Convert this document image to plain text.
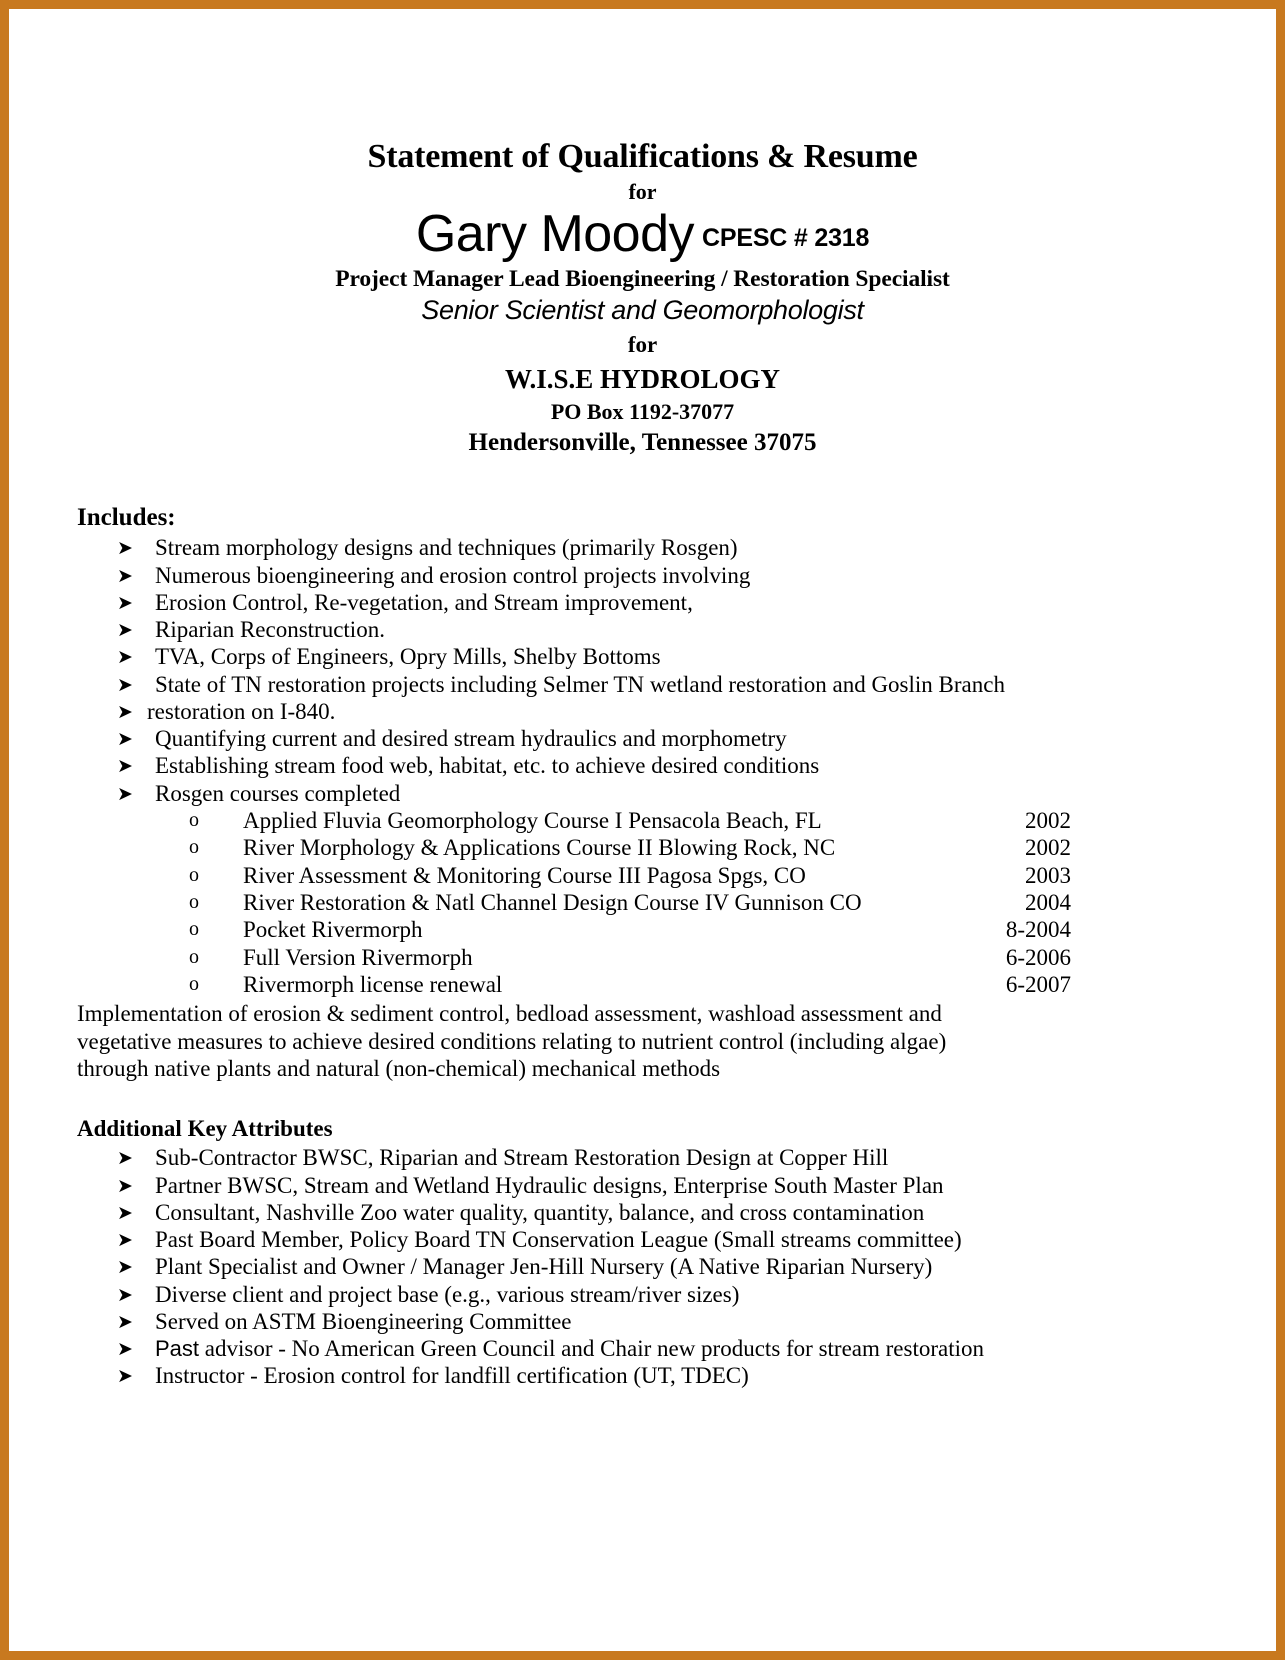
Statement of Qualifications & Resume
for
Gary Moody CPESC # 2318
Project Manager Lead Bioengineering / Restoration Specialist
Senior Scientist and Geomorphologist
for
W.I.S.E HYDROLOGY
PO Box 1192-37077
Hendersonville, Tennessee 37075
Includes:
➤ Stream morphology designs and techniques (primarily Rosgen)
➤ Numerous bioengineering and erosion control projects involving
➤ Erosion Control, Re-vegetation, and Stream improvement,
➤ Riparian Reconstruction.
➤ TVA, Corps of Engineers, Opry Mills, Shelby Bottoms
➤ State of TN restoration projects including Selmer TN wetland restoration and Goslin Branch
➤ restoration on I-840.
➤ Quantifying current and desired stream hydraulics and morphometry
➤ Establishing stream food web, habitat, etc. to achieve desired conditions
➤ Rosgen courses completed
o Applied Fluvia Geomorphology Course I Pensacola Beach, FL	2002
o River Morphology & Applications Course II Blowing Rock, NC	2002
o River Assessment & Monitoring Course III Pagosa Spgs, CO	2003
o River Restoration & Natl Channel Design Course IV Gunnison CO	2004
o Pocket Rivermorph	8-2004
o Full Version Rivermorph	6-2006
o Rivermorph license renewal	6-2007
Implementation of erosion & sediment control, bedload assessment, washload assessment and
vegetative measures to achieve desired conditions relating to nutrient control (including algae)
through native plants and natural (non-chemical) mechanical methods
Additional Key Attributes
➤ Sub-Contractor BWSC, Riparian and Stream Restoration Design at Copper Hill
➤ Partner BWSC, Stream and Wetland Hydraulic designs, Enterprise South Master Plan
➤ Consultant, Nashville Zoo water quality, quantity, balance, and cross contamination
➤ Past Board Member, Policy Board TN Conservation League (Small streams committee)
➤ Plant Specialist and Owner / Manager Jen-Hill Nursery (A Native Riparian Nursery)
➤ Diverse client and project base (e.g., various stream/river sizes)
➤ Served on ASTM Bioengineering Committee
➤ Past advisor - No American Green Council and Chair new products for stream restoration
➤ Instructor - Erosion control for landfill certification (UT, TDEC)
